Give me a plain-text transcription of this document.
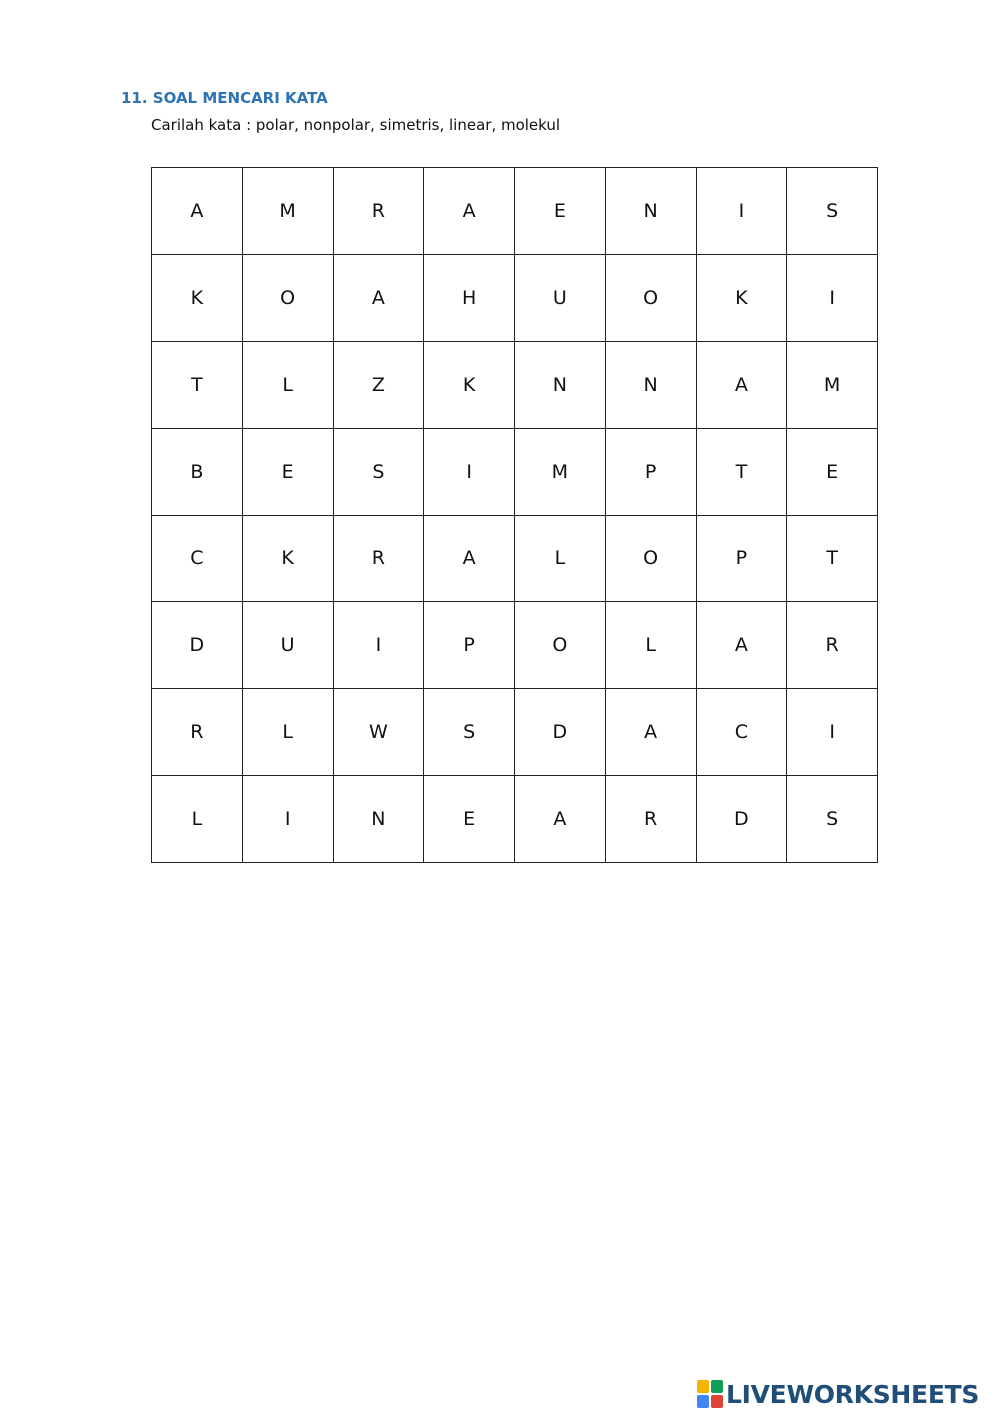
11. SOAL MENCARI KATA
Carilah kata : polar, nonpolar, simetris, linear, molekul
A	M	R	A	E	N	I	S
K	O	A	H	U	O	K	I
T	L	Z	K	N	N	A	M
B	E	S	I	M	P	T	E
C	K	R	A	L	O	P	T
D	U	I	P	O	L	A	R
R	L	W	S	D	A	C	I
L	I	N	E	A	R	D	S
LIVEWORKSHEETS
